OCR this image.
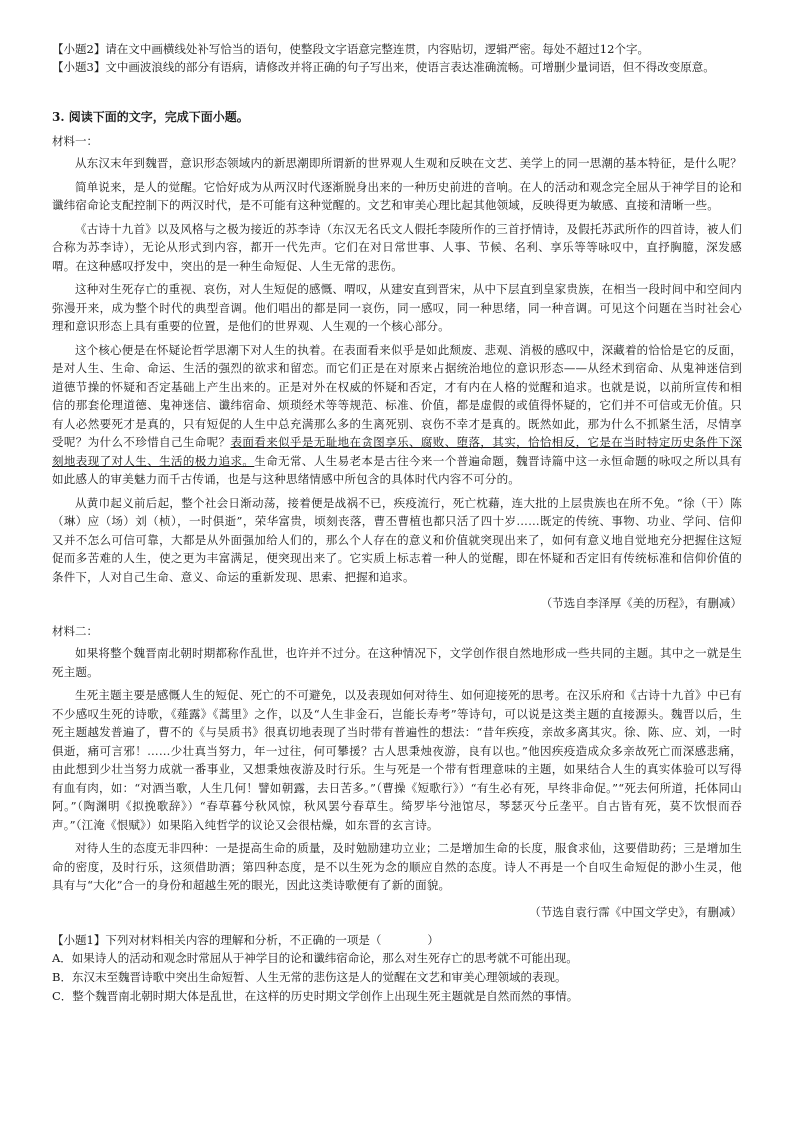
【小题2】请在文中画横线处补写恰当的语句，使整段文字语意完整连贯，内容贴切，逻辑严密。每处不超过12个字。

【小题3】文中画波浪线的部分有语病，请修改并将正确的句子写出来，使语言表达准确流畅。可增删少量词语，但不得改变原意。

3. 阅读下面的文字，完成下面小题。

材料一：

从东汉末年到魏晋，意识形态领域内的新思潮即所谓新的世界观人生观和反映在文艺、美学上的同一思潮的基本特征，是什么呢？

简单说来，是人的觉醒。它恰好成为从两汉时代逐渐脱身出来的一种历史前进的音响。在人的活动和观念完全屈从于神学目的论和谶纬宿命论支配控制下的两汉时代，是不可能有这种觉醒的。文艺和审美心理比起其他领域，反映得更为敏感、直接和清晰一些。

《古诗十九首》以及风格与之极为接近的苏李诗（东汉无名氏文人假托李陵所作的三首抒情诗，及假托苏武所作的四首诗，被人们合称为苏李诗），无论从形式到内容，都开一代先声。它们在对日常世事、人事、节候、名利、享乐等等咏叹中，直抒胸臆，深发感喟。在这种感叹抒发中，突出的是一种生命短促、人生无常的悲伤。

这种对生死存亡的重视、哀伤，对人生短促的感慨、喟叹，从建安直到晋宋，从中下层直到皇家贵族，在相当一段时间中和空间内弥漫开来，成为整个时代的典型音调。他们唱出的都是同一哀伤，同一感叹，同一种思绪，同一种音调。可见这个问题在当时社会心理和意识形态上具有重要的位置，是他们的世界观、人生观的一个核心部分。

这个核心便是在怀疑论哲学思潮下对人生的执着。在表面看来似乎是如此颓废、悲观、消极的感叹中，深藏着的恰恰是它的反面，是对人生、生命、命运、生活的强烈的欲求和留恋。而它们正是在对原来占据统治地位的意识形态——从经术到宿命、从鬼神迷信到道德节操的怀疑和否定基础上产生出来的。正是对外在权威的怀疑和否定，才有内在人格的觉醒和追求。也就是说，以前所宣传和相信的那套伦理道德、鬼神迷信、谶纬宿命、烦琐经术等等规范、标准、价值，都是虚假的或值得怀疑的，它们并不可信或无价值。只有人必然要死才是真的，只有短促的人生中总充满那么多的生离死别、哀伤不幸才是真的。既然如此，那为什么不抓紧生活，尽情享受呢？为什么不珍惜自己生命呢？表面看来似乎是无耻地在贪图享乐、腐败、堕落，其实，恰恰相反，它是在当时特定历史条件下深刻地表现了对人生、生活的极力追求。生命无常、人生易老本是古往今来一个普遍命题，魏晋诗篇中这一永恒命题的咏叹之所以具有如此感人的审美魅力而千古传诵，也是与这种思绪情感中所包含的具体时代内容不可分的。

从黄巾起义前后起，整个社会日渐动荡，接着便是战祸不已，疾疫流行，死亡枕藉，连大批的上层贵族也在所不免。“徐（干）陈（琳）应（场）刘（桢），一时俱逝”，荣华富贵，顷刻丧落，曹丕曹植也都只活了四十岁……既定的传统、事物、功业、学问、信仰又并不怎么可信可靠，大都是从外面强加给人们的，那么个人存在的意义和价值就突现出来了，如何有意义地自觉地充分把握住这短促而多苦难的人生，使之更为丰富满足，便突现出来了。它实质上标志着一种人的觉醒，即在怀疑和否定旧有传统标准和信仰价值的条件下，人对自己生命、意义、命运的重新发现、思索、把握和追求。

（节选自李泽厚《美的历程》，有删减）

材料二：

如果将整个魏晋南北朝时期都称作乱世，也许并不过分。在这种情况下，文学创作很自然地形成一些共同的主题。其中之一就是生死主题。

生死主题主要是感慨人生的短促、死亡的不可避免，以及表现如何对待生、如何迎接死的思考。在汉乐府和《古诗十九首》中已有不少感叹生死的诗歌，《薤露》《蒿里》之作，以及“人生非金石，岂能长寿考”等诗句，可以说是这类主题的直接源头。魏晋以后，生死主题越发普遍了，曹不的《与吴质书》很真切地表现了当时带有普遍性的想法：“昔年疾疫，亲故多离其灾。徐、陈、应、刘，一时俱逝，痛可言邪！……少壮真当努力，年一过往，何可攀援？古人思秉烛夜游，良有以也。”他因疾疫造成众多亲故死亡而深感悲痛，由此想到少壮当努力成就一番事业，又想秉烛夜游及时行乐。生与死是一个带有哲理意味的主题，如果结合人生的真实体验可以写得有血有肉，如：“对酒当歌，人生几何！譬如朝露，去日苦多。”（曹操《短歌行》）“有生必有死，早终非命促。”“死去何所道，托体同山阿。”（陶渊明《拟挽歌辞》）“春草暮兮秋风惊，秋风罢兮春草生。绮罗毕兮池馆尽，琴瑟灭兮丘垄平。自古皆有死，莫不饮恨而吞声。”（江淹《恨赋》）如果陷入纯哲学的议论又会很枯燥，如东晋的玄言诗。

对待人生的态度无非四种：一是提高生命的质量，及时勉励建功立业；二是增加生命的长度，服食求仙，这要借助药；三是增加生命的密度，及时行乐，这须借助酒；第四种态度，是不以生死为念的顺应自然的态度。诗人不再是一个自叹生命短促的渺小生灵，他具有与“大化”合一的身份和超越生死的眼光，因此这类诗歌便有了新的面貌。

（节选自袁行霈《中国文学史》，有删减）

【小题1】下列对材料相关内容的理解和分析，不正确的一项是（　　　　）

A．如果诗人的活动和观念时常屈从于神学目的论和谶纬宿命论，那么对生死存亡的思考就不可能出现。

B．东汉末至魏晋诗歌中突出生命短暂、人生无常的悲伤这是人的觉醒在文艺和审美心理领域的表现。

C．整个魏晋南北朝时期大体是乱世，在这样的历史时期文学创作上出现生死主题就是自然而然的事情。
